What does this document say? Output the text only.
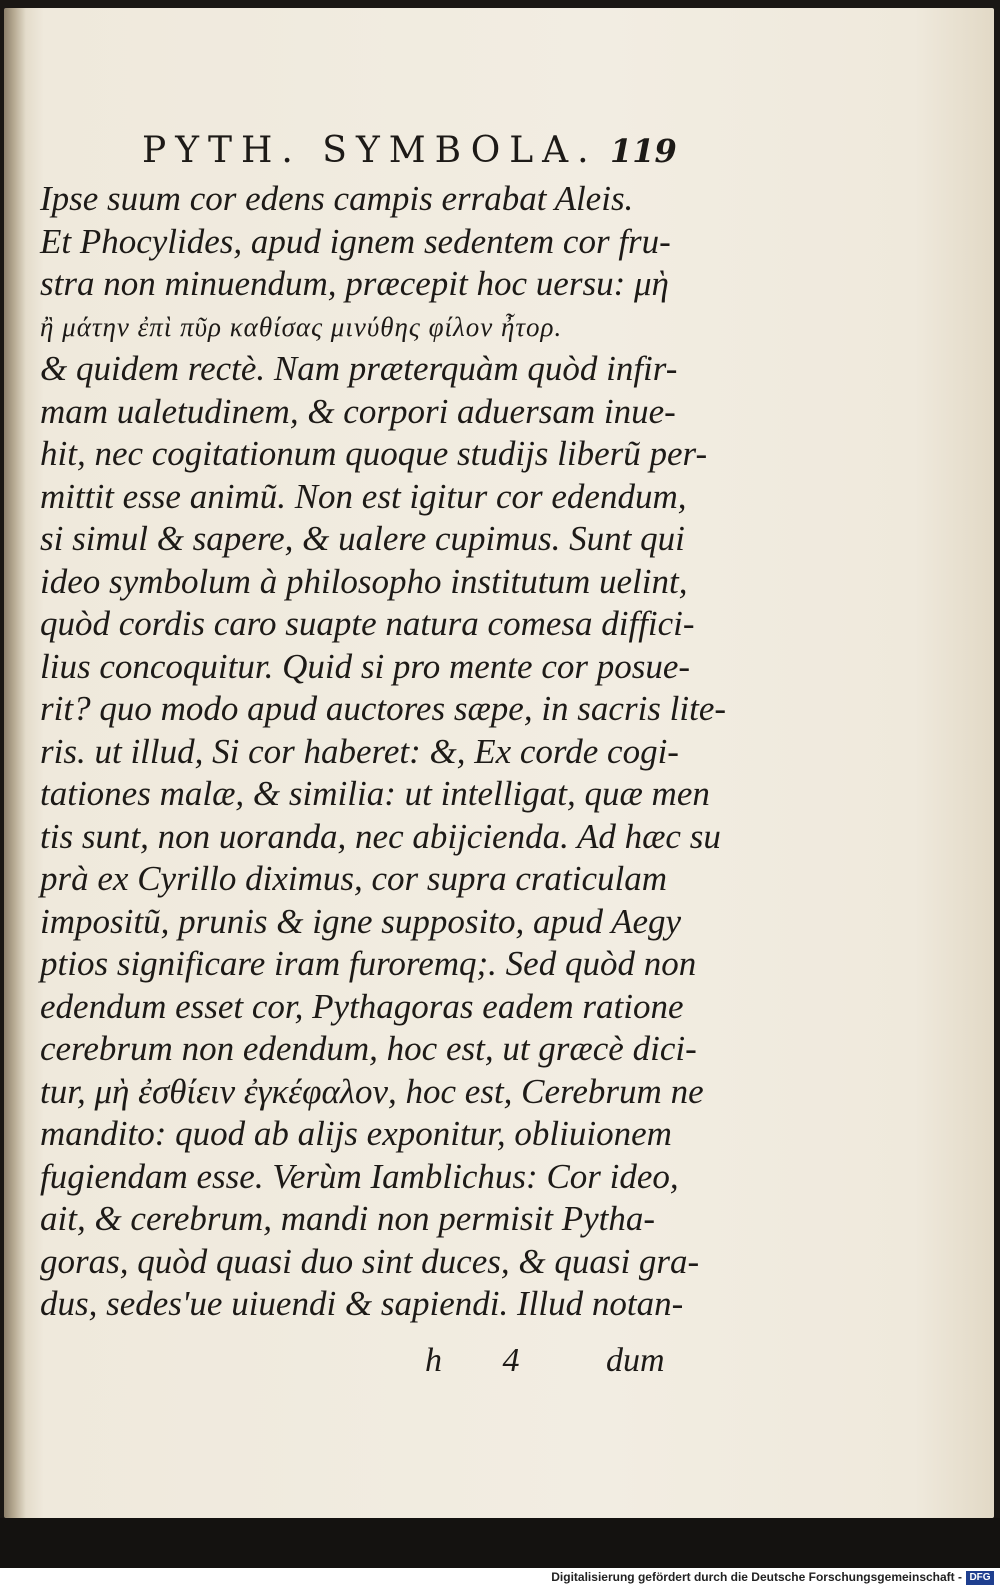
PYTH. SYMBOLA. 119
Ipse suum cor edens campis errabat Aleis.
Et Phocylides, apud ignem sedentem cor fru-
stra non minuendum, præcepit hoc uersu: μὴ
ἢ μάτην ἐπὶ πῦρ καθίσας μινύθης φίλον ἦτορ.
& quidem rectè. Nam prӕterquàm quòd infir-
mam ualetudinem, & corpori aduersam inue-
hit, nec cogitationum quoque studijs liberũ per-
mittit esse animũ. Non est igitur cor edendum,
si simul & sapere, & ualere cupimus. Sunt qui
ideo symbolum à philosopho institutum uelint,
quòd cordis caro suapte natura comesa diffici-
lius concoquitur. Quid si pro mente cor posue-
rit? quo modo apud auctores sæpe, in sacris lite-
ris. ut illud, Si cor haberet: &, Ex corde cogi-
tationes malæ, & similia: ut intelligat, quæ men
tis sunt, non uoranda, nec abijcienda. Ad hæc su
prà ex Cyrillo diximus, cor supra craticulam
impositũ, prunis & igne supposito, apud Aegy
ptios significare iram furoremq;. Sed quòd non
edendum esset cor, Pythagoras eadem ratione
cerebrum non edendum, hoc est, ut græcè dici-
tur, μὴ ἐσθίειν ἐγκέφαλον, hoc est, Cerebrum ne
mandito: quod ab alijs exponitur, obliuionem
fugiendam esse. Verùm Iamblichus: Cor ideo,
ait, & cerebrum, mandi non permisit Pytha-
goras, quòd quasi duo sint duces, & quasi gra-
dus, sedes'ue uiuendi & sapiendi. Illud notan-
h 4 dum
Digitalisierung gefördert durch die Deutsche Forschungsgemeinschaft - DFG
